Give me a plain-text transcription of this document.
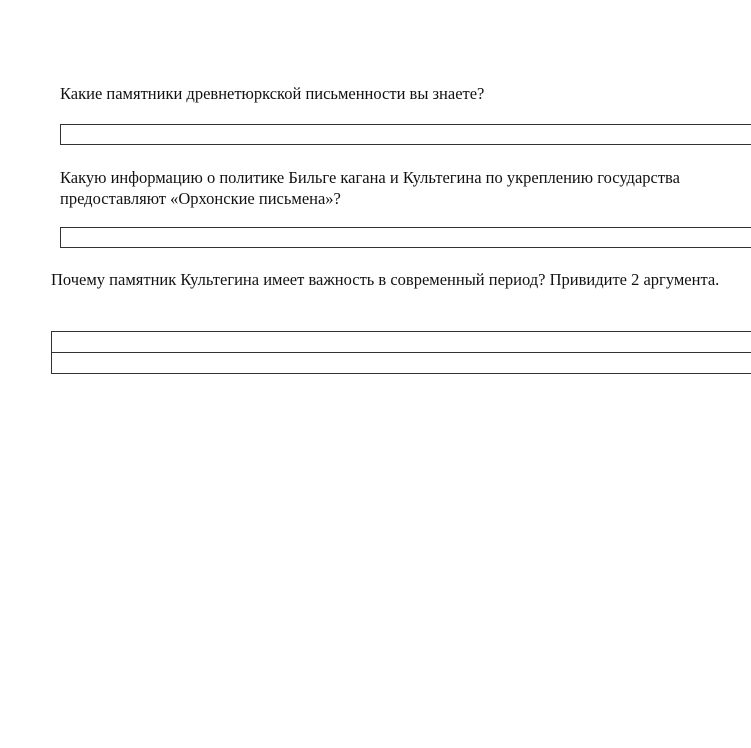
Какие памятники древнетюркской письменности вы знаете?

Какую информацию о политике Бильге кагана и Культегина по укреплению государства предоставляют «Орхонские письмена»?

Почему памятник Культегина имеет важность в современный период? Привидите 2 аргумента.
